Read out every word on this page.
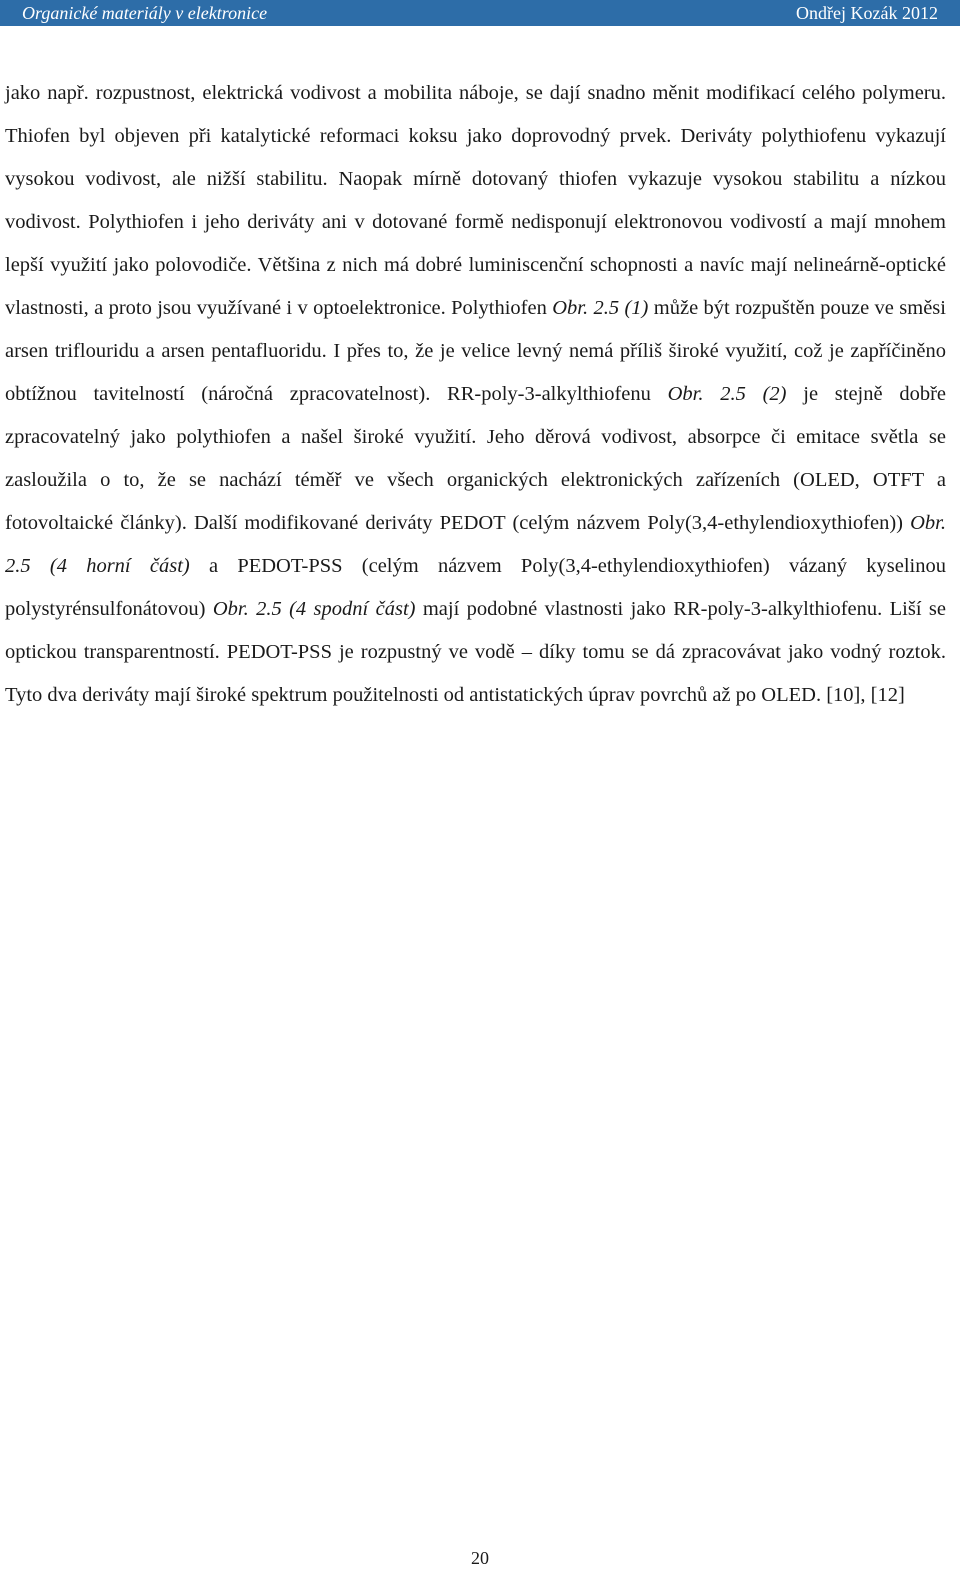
Organické materiály v elektronice	Ondřej Kozák 2012

jako např. rozpustnost, elektrická vodivost a mobilita náboje, se dají snadno měnit modifikací celého polymeru. Thiofen byl objeven při katalytické reformaci koksu jako doprovodný prvek. Deriváty polythiofenu vykazují vysokou vodivost, ale nižší stabilitu. Naopak mírně dotovaný thiofen vykazuje vysokou stabilitu a nízkou vodivost. Polythiofen i jeho deriváty ani v dotované formě nedisponují elektronovou vodivostí a mají mnohem lepší využití jako polovodiče. Většina z nich má dobré luminiscenční schopnosti a navíc mají nelineárně-optické vlastnosti, a proto jsou využívané i v optoelektronice. Polythiofen Obr. 2.5 (1) může být rozpuštěn pouze ve směsi arsen triflouridu a arsen pentafluoridu. I přes to, že je velice levný nemá příliš široké využití, což je zapříčiněno obtížnou tavitelností (náročná zpracovatelnost). RR-poly-3-alkylthiofenu Obr. 2.5 (2) je stejně dobře zpracovatelný jako polythiofen a našel široké využití. Jeho děrová vodivost, absorpce či emitace světla se zasloužila o to, že se nachází téměř ve všech organických elektronických zařízeních (OLED, OTFT a fotovoltaické články). Další modifikované deriváty PEDOT (celým názvem Poly(3,4-ethylendioxythiofen)) Obr. 2.5 (4 horní část) a PEDOT-PSS (celým názvem Poly(3,4-ethylendioxythiofen) vázaný kyselinou polystyrénsulfonátovou) Obr. 2.5 (4 spodní část) mají podobné vlastnosti jako RR-poly-3-alkylthiofenu. Liší se optickou transparentností. PEDOT-PSS je rozpustný ve vodě – díky tomu se dá zpracovávat jako vodný roztok. Tyto dva deriváty mají široké spektrum použitelnosti od antistatických úprav povrchů až po OLED. [10], [12]

20
